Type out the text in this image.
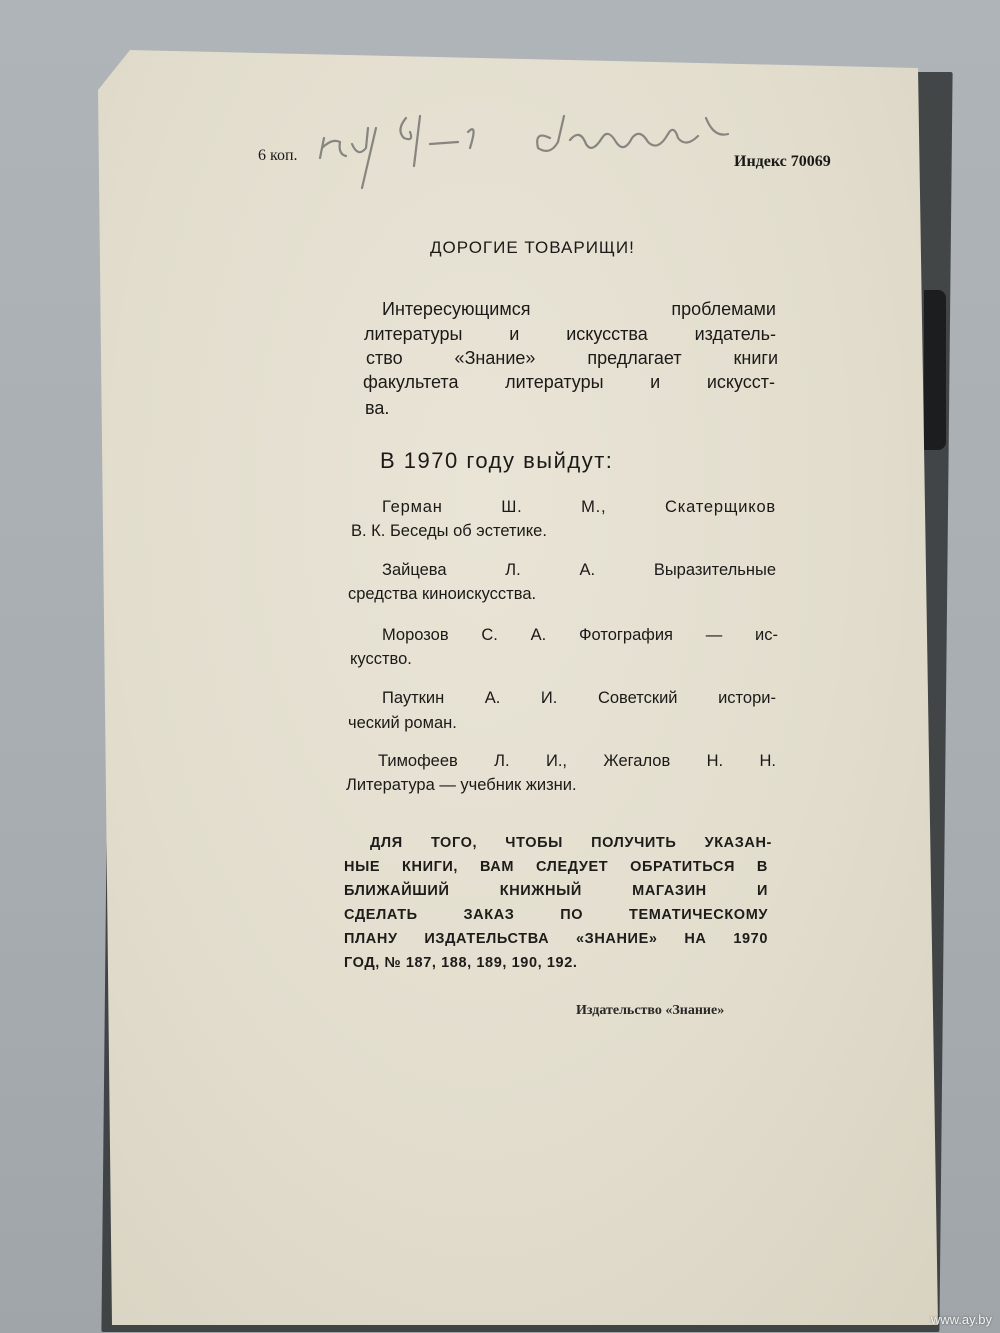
6 коп.	Индекс 70069
ДОРОГИЕ ТОВАРИЩИ!
Интересующимся проблемами
литературы и искусства издатель-
ство «Знание» предлагает книги
факультета литературы и искусст-
ва.
В 1970 году выйдут:
Герман Ш. М., Скатерщиков
В. К. Беседы об эстетике.
Зайцева Л. А. Выразительные
средства киноискусства.
Морозов С. А. Фотография — ис-
кусство.
Пауткин А. И. Советский истори-
ческий роман.
Тимофеев Л. И., Жегалов Н. Н.
Литература — учебник жизни.
ДЛЯ ТОГО, ЧТОБЫ ПОЛУЧИТЬ УКАЗАН-
НЫЕ КНИГИ, ВАМ СЛЕДУЕТ ОБРАТИТЬСЯ В
БЛИЖАЙШИЙ КНИЖНЫЙ МАГАЗИН И
СДЕЛАТЬ ЗАКАЗ ПО ТЕМАТИЧЕСКОМУ
ПЛАНУ ИЗДАТЕЛЬСТВА «ЗНАНИЕ» НА 1970
ГОД, № 187, 188, 189, 190, 192.
Издательство «Знание»
www.ay.by
